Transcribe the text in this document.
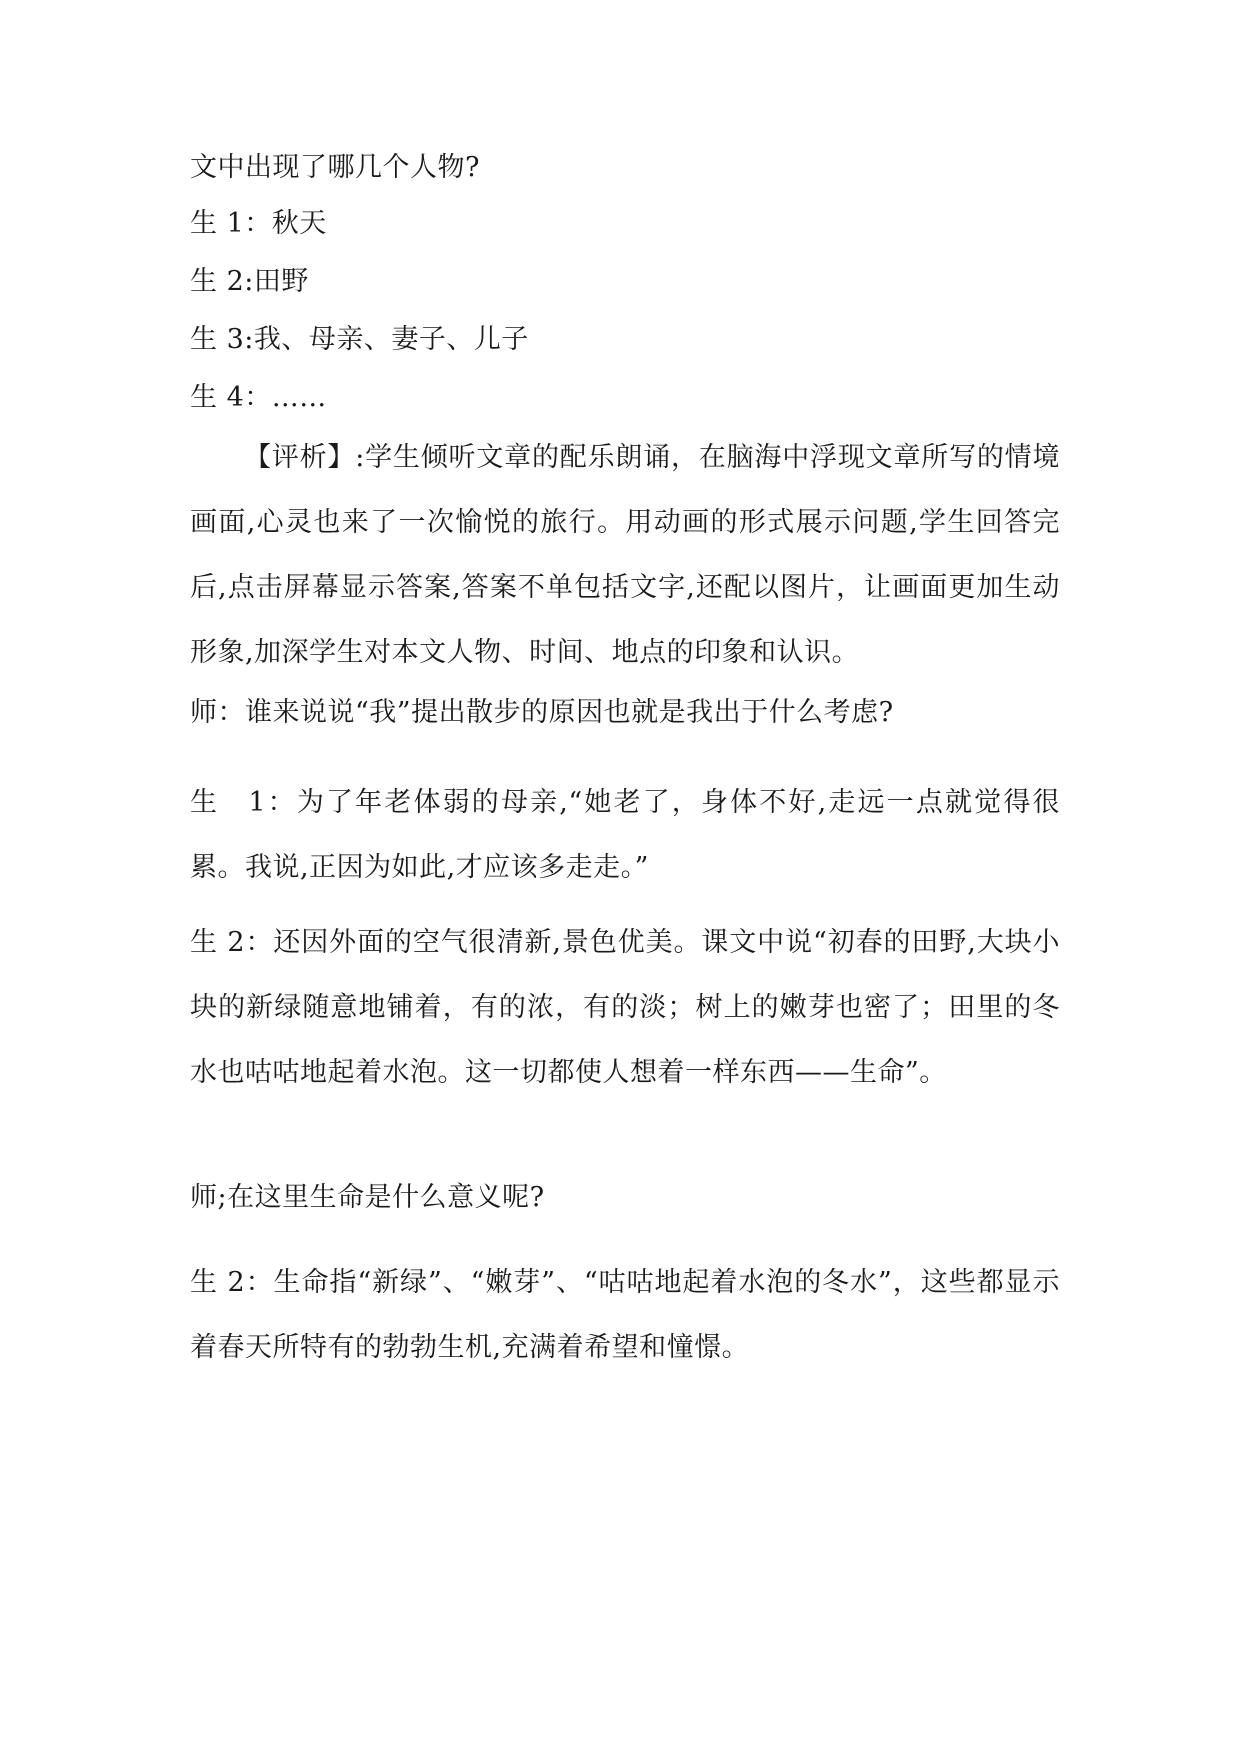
文中出现了哪几个人物?
生 1：秋天
生 2:田野
生 3:我、母亲、妻子、儿子
生 4：……
【评析】:学生倾听文章的配乐朗诵，在脑海中浮现文章所写的情境画面,心灵也来了一次愉悦的旅行。用动画的形式展示问题,学生回答完后,点击屏幕显示答案,答案不单包括文字,还配以图片，让画面更加生动形象,加深学生对本文人物、时间、地点的印象和认识。
师：谁来说说“我”提出散步的原因也就是我出于什么考虑?
生　1：为了年老体弱的母亲,“她老了，身体不好,走远一点就觉得很累。我说,正因为如此,才应该多走走。”
生 2：还因外面的空气很清新,景色优美。课文中说“初春的田野,大块小块的新绿随意地铺着，有的浓，有的淡；树上的嫩芽也密了；田里的冬水也咕咕地起着水泡。这一切都使人想着一样东西——生命”。
师;在这里生命是什么意义呢?
生 2：生命指“新绿”、“嫩芽”、“咕咕地起着水泡的冬水”，这些都显示着春天所特有的勃勃生机,充满着希望和憧憬。
